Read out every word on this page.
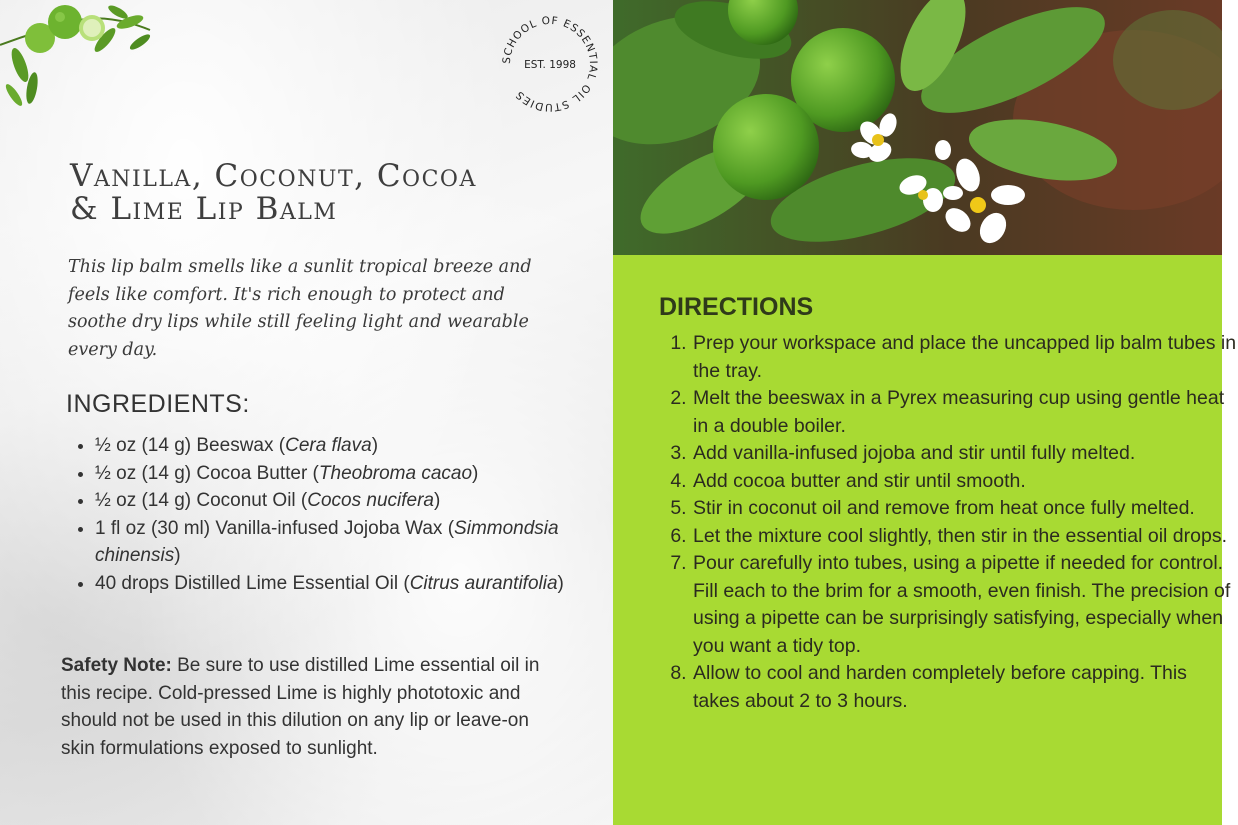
SCHOOL OF ESSENTIAL OIL STUDIES
EST. 1998
Vanilla, Coconut, Cocoa
& Lime Lip Balm

This lip balm smells like a sunlit tropical breeze and feels like comfort. It's rich enough to protect and soothe dry lips while still feeling light and wearable every day.

INGREDIENTS:
• ½ oz (14 g) Beeswax (Cera flava)
• ½ oz (14 g) Cocoa Butter (Theobroma cacao)
• ½ oz (14 g) Coconut Oil (Cocos nucifera)
• 1 fl oz (30 ml) Vanilla-infused Jojoba Wax (Simmondsia chinensis)
• 40 drops Distilled Lime Essential Oil (Citrus aurantifolia)

Safety Note: Be sure to use distilled Lime essential oil in this recipe. Cold-pressed Lime is highly phototoxic and should not be used in this dilution on any lip or leave-on skin formulations exposed to sunlight.

DIRECTIONS
1. Prep your workspace and place the uncapped lip balm tubes in the tray.
2. Melt the beeswax in a Pyrex measuring cup using gentle heat in a double boiler.
3. Add vanilla-infused jojoba and stir until fully melted.
4. Add cocoa butter and stir until smooth.
5. Stir in coconut oil and remove from heat once fully melted.
6. Let the mixture cool slightly, then stir in the essential oil drops.
7. Pour carefully into tubes, using a pipette if needed for control. Fill each to the brim for a smooth, even finish. The precision of using a pipette can be surprisingly satisfying, especially when you want a tidy top.
8. Allow to cool and harden completely before capping. This takes about 2 to 3 hours.
